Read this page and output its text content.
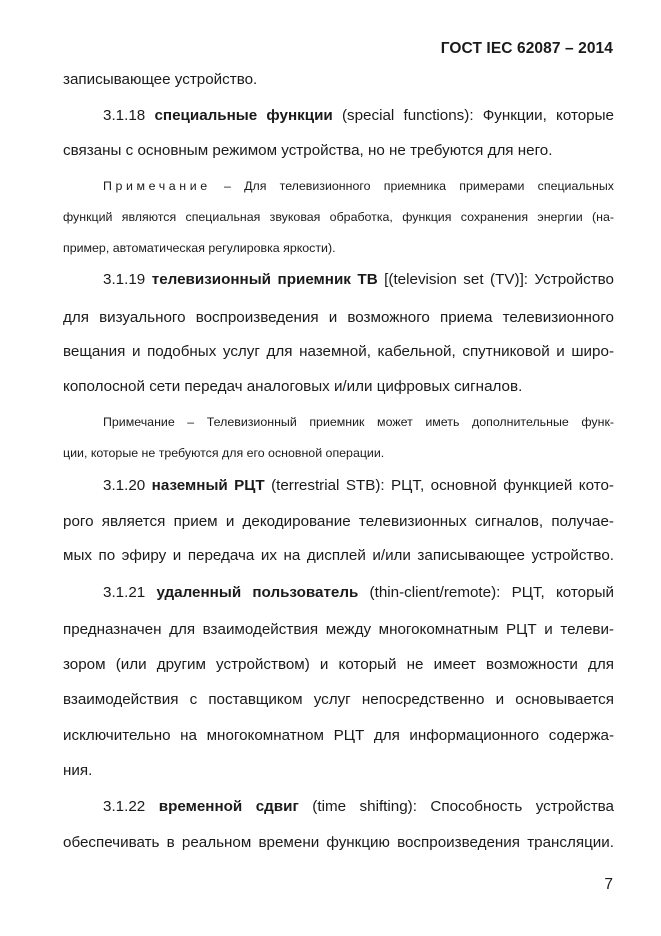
ГОСТ IEC 62087 – 2014
записывающее устройство.
3.1.18 специальные функции (special functions): Функции, которые
связаны с основным режимом устройства, но не требуются для него.
Примечание – Для телевизионного приемника примерами специальных
функций являются специальная звуковая обработка, функция сохранения энергии (на-
пример, автоматическая регулировка яркости).
3.1.19 телевизионный приемник ТВ [(television set (TV)]: Устройство
для визуального воспроизведения и возможного приема телевизионного
вещания и подобных услуг для наземной, кабельной, спутниковой и широ-
кополосной сети передач аналоговых и/или цифровых сигналов.
Примечание – Телевизионный приемник может иметь дополнительные функ-
ции, которые не требуются для его основной операции.
3.1.20 наземный РЦТ (terrestrial STB): РЦТ, основной функцией кото-
рого является прием и декодирование телевизионных сигналов, получае-
мых по эфиру и передача их на дисплей и/или записывающее устройство.
3.1.21 удаленный пользователь (thin-client/remote): РЦТ, который
предназначен для взаимодействия между многокомнатным РЦТ и телеви-
зором (или другим устройством) и который не имеет возможности для
взаимодействия с поставщиком услуг непосредственно и основывается
исключительно на многокомнатном РЦТ для информационного содержа-
ния.
3.1.22 временной сдвиг (time shifting): Способность устройства
обеспечивать в реальном времени функцию воспроизведения трансляции.
7
